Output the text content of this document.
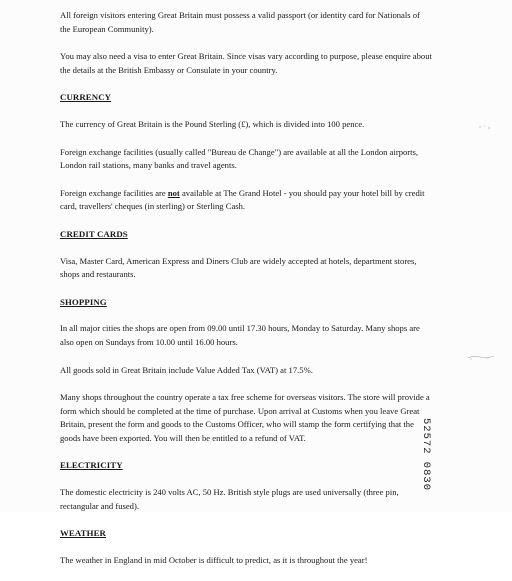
All foreign visitors entering Great Britain must possess a valid passport (or identity card for Nationals of the European Community).

You may also need a visa to enter Great Britain. Since visas vary according to purpose, please enquire about the details at the British Embassy or Consulate in your country.

CURRENCY

The currency of Great Britain is the Pound Sterling (£), which is divided into 100 pence.

Foreign exchange facilities (usually called "Bureau de Change") are available at all the London airports, London rail stations, many banks and travel agents.

Foreign exchange facilities are not available at The Grand Hotel - you should pay your hotel bill by credit card, travellers' cheques (in sterling) or Sterling Cash.

CREDIT CARDS

Visa, Master Card, American Express and Diners Club are widely accepted at hotels, department stores, shops and restaurants.

SHOPPING

In all major cities the shops are open from 09.00 until 17.30 hours, Monday to Saturday. Many shops are also open on Sundays from 10.00 until 16.00 hours.

All goods sold in Great Britain include Value Added Tax (VAT) at 17.5%.

Many shops throughout the country operate a tax free scheme for overseas visitors. The store will provide a form which should be completed at the time of purchase. Upon arrival at Customs when you leave Great Britain, present the form and goods to the Customs Officer, who will stamp the form certifying that the goods have been exported. You will then be entitled to a refund of VAT.

ELECTRICITY

The domestic electricity is 240 volts AC, 50 Hz. British style plugs are used universally (three pin, rectangular and fused).

WEATHER

The weather in England in mid October is difficult to predict, as it is throughout the year!

52572 0830
